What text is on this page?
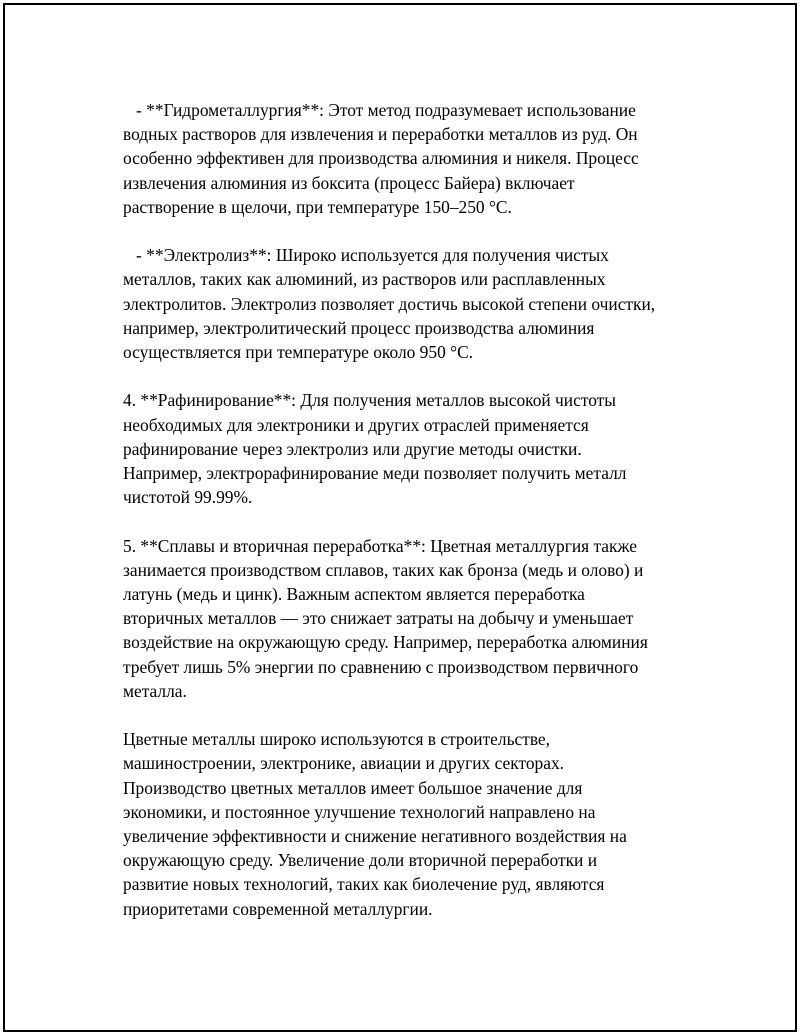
- **Гидрометаллургия**: Этот метод подразумевает использование
водных растворов для извлечения и переработки металлов из руд. Он
особенно эффективен для производства алюминия и никеля. Процесс
извлечения алюминия из боксита (процесс Байера) включает
растворение в щелочи, при температуре 150–250 °C.

- **Электролиз**: Широко используется для получения чистых
металлов, таких как алюминий, из растворов или расплавленных
электролитов. Электролиз позволяет достичь высокой степени очистки,
например, электролитический процесс производства алюминия
осуществляется при температуре около 950 °C.

4. **Рафинирование**: Для получения металлов высокой чистоты
необходимых для электроники и других отраслей применяется
рафинирование через электролиз или другие методы очистки.
Например, электрорафинирование меди позволяет получить металл
чистотой 99.99%.

5. **Сплавы и вторичная переработка**: Цветная металлургия также
занимается производством сплавов, таких как бронза (медь и олово) и
латунь (медь и цинк). Важным аспектом является переработка
вторичных металлов — это снижает затраты на добычу и уменьшает
воздействие на окружающую среду. Например, переработка алюминия
требует лишь 5% энергии по сравнению с производством первичного
металла.

Цветные металлы широко используются в строительстве,
машиностроении, электронике, авиации и других секторах.
Производство цветных металлов имеет большое значение для
экономики, и постоянное улучшение технологий направлено на
увеличение эффективности и снижение негативного воздействия на
окружающую среду. Увеличение доли вторичной переработки и
развитие новых технологий, таких как биолечение руд, являются
приоритетами современной металлургии.
